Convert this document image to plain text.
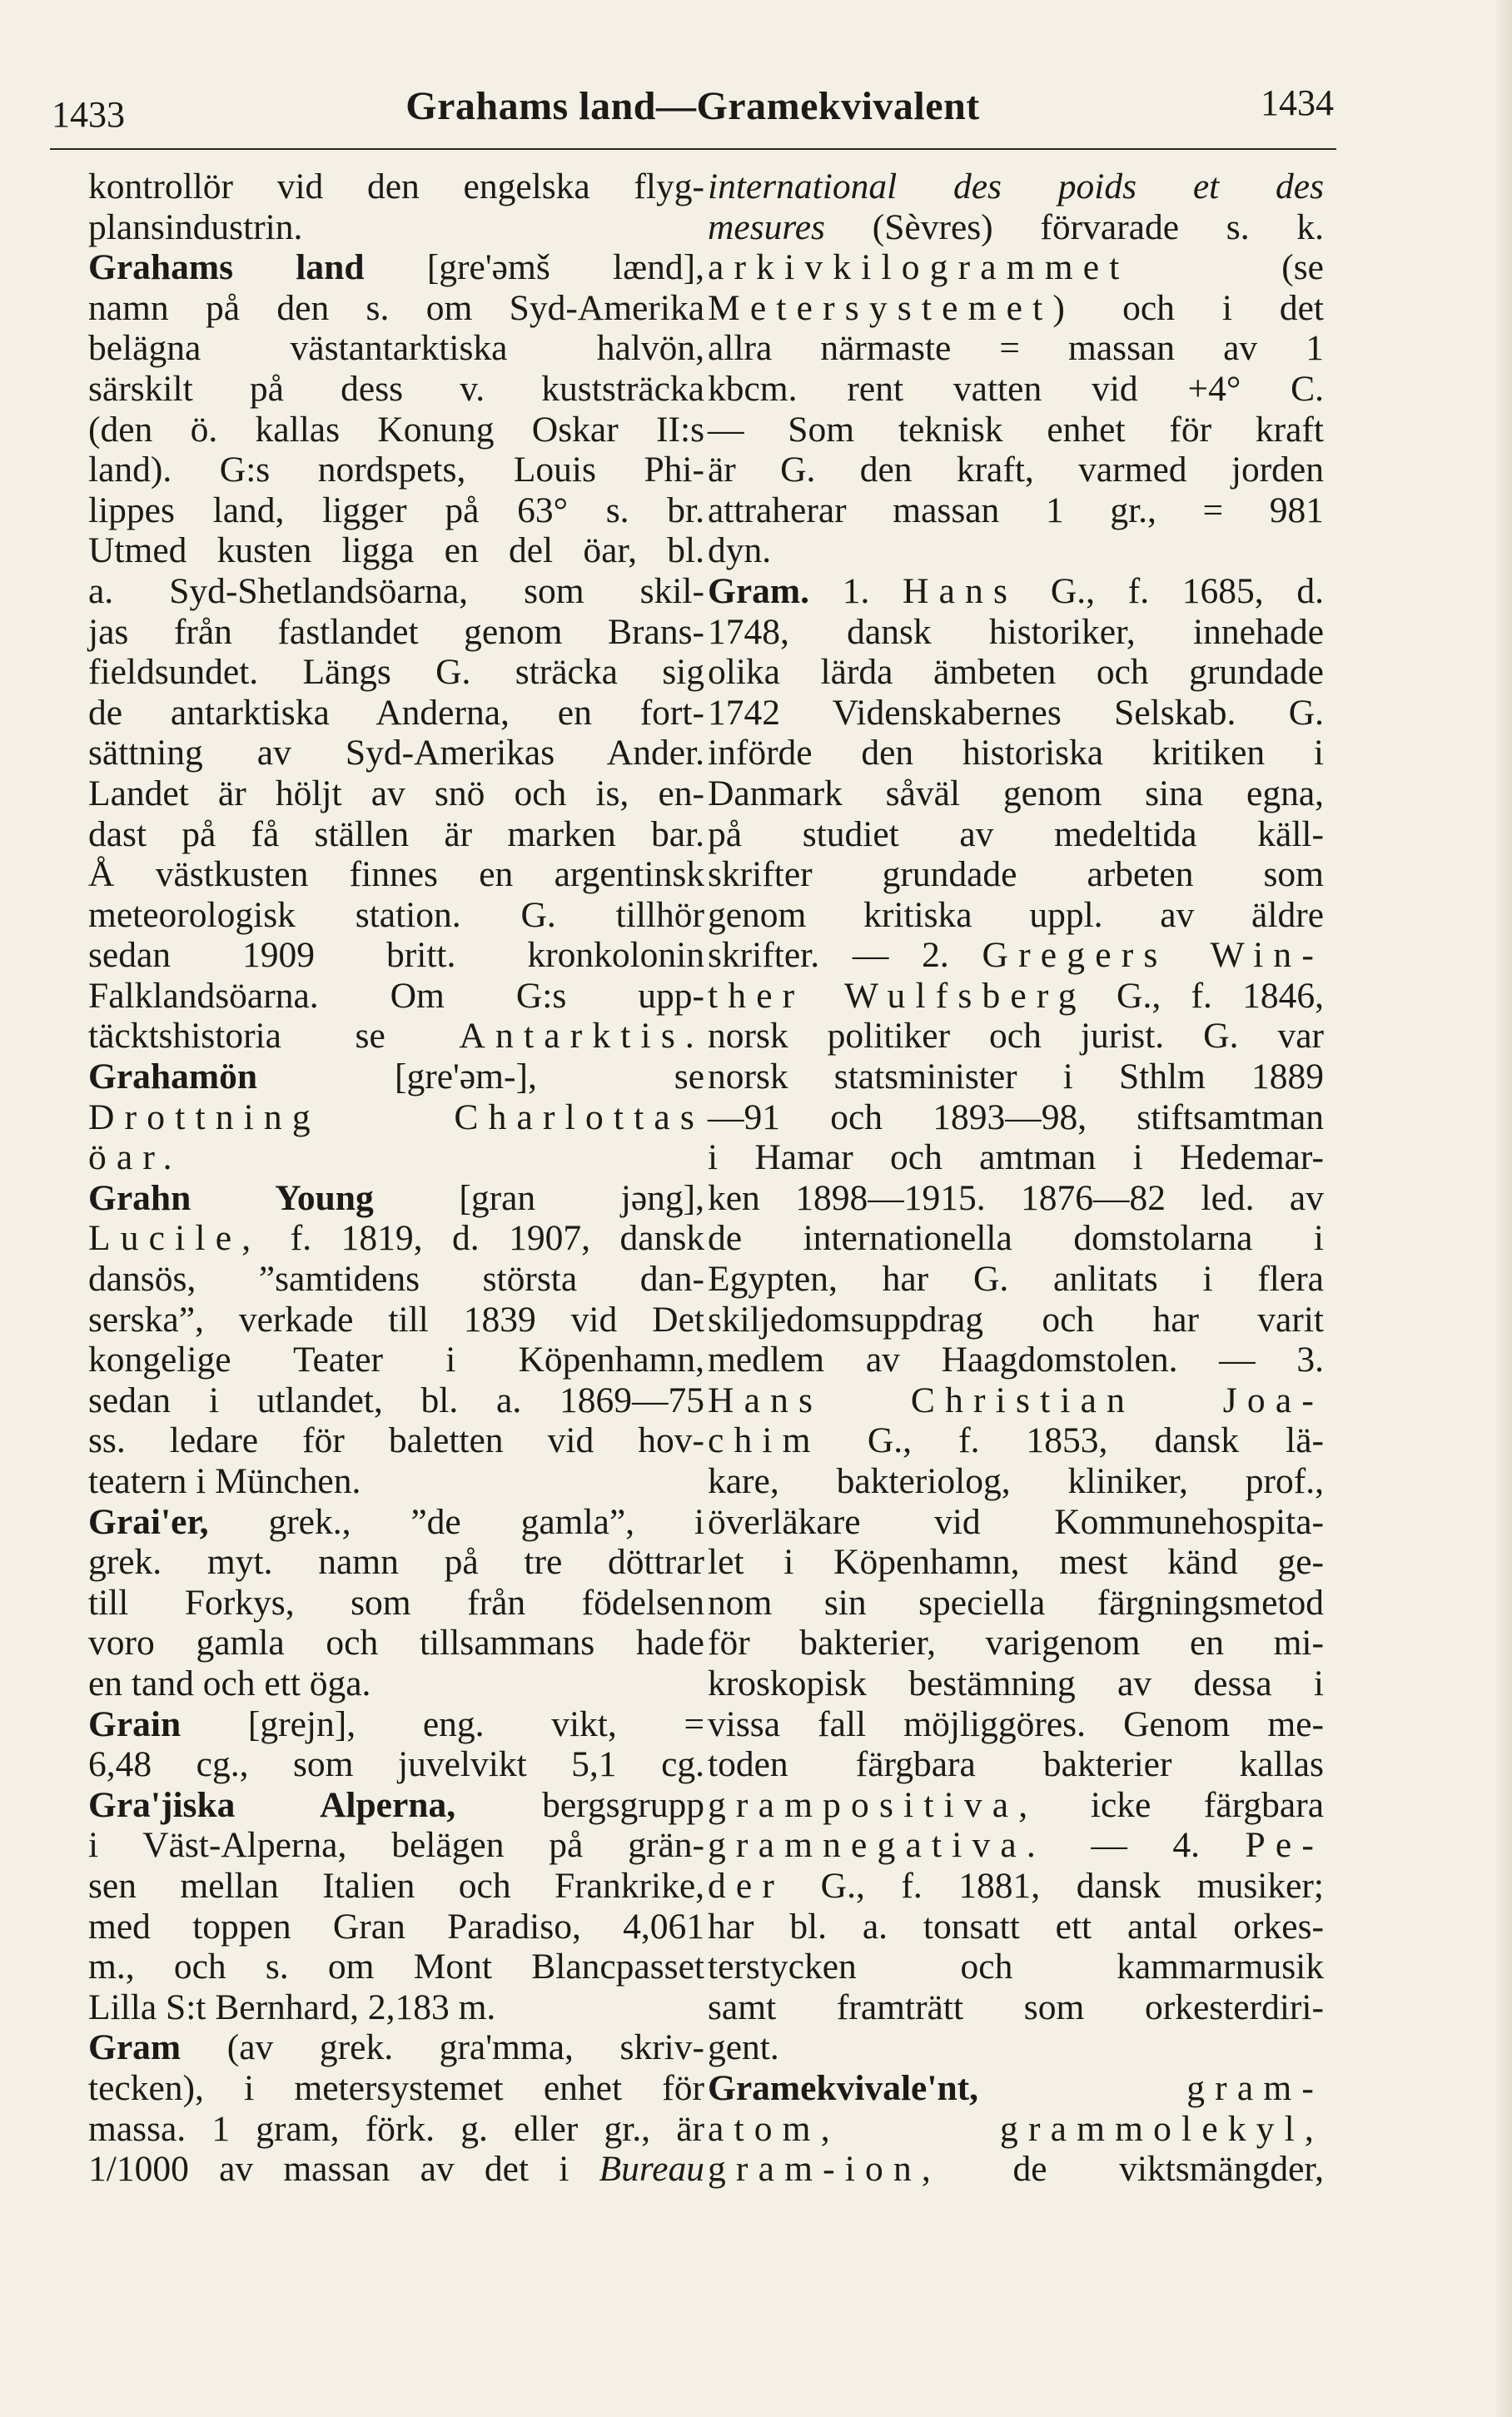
1433	Grahams land—Gramekvivalent	1434
kontrollör vid den engelska flyg-
plansindustrin.
Grahams land [gre'əmš lænd],
namn på den s. om Syd-Amerika
belägna västantarktiska halvön,
särskilt på dess v. kuststräcka
(den ö. kallas Konung Oskar II:s
land). G:s nordspets, Louis Phi-
lippes land, ligger på 63° s. br.
Utmed kusten ligga en del öar, bl.
a. Syd-Shetlandsöarna, som skil-
jas från fastlandet genom Brans-
fieldsundet. Längs G. sträcka sig
de antarktiska Anderna, en fort-
sättning av Syd-Amerikas Ander.
Landet är höljt av snö och is, en-
dast på få ställen är marken bar.
Å västkusten finnes en argentinsk
meteorologisk station. G. tillhör
sedan 1909 britt. kronkolonin
Falklandsöarna. Om G:s upp-
täcktshistoria se Antarktis.
Grahamön	[gre'əm-], se
Drottning Charlottas
öar.
Grahn Young [gran jəng],
Lucile, f. 1819, d. 1907, dansk
dansös, ”samtidens största dan-
serska”, verkade till 1839 vid Det
kongelige Teater i Köpenhamn,
sedan i utlandet, bl. a. 1869—75
ss. ledare för baletten vid hov-
teatern i München.
Grai'er, grek., ”de gamla”, i
grek. myt. namn på tre döttrar
till Forkys, som från födelsen
voro gamla och tillsammans hade
en tand och ett öga.
Grain [grejn], eng. vikt, =
6,48 cg., som juvelvikt 5,1 cg.
Gra'jiska Alperna, bergsgrupp
i Väst-Alperna, belägen på grän-
sen mellan Italien och Frankrike,
med toppen Gran Paradiso, 4,061
m., och s. om Mont Blancpasset
Lilla S:t Bernhard, 2,183 m.
Gram (av grek. gra'mma, skriv-
tecken), i metersystemet enhet för
massa. 1 gram, förk. g. eller gr., är
1/1000 av massan av det i Bureau
international des poids et des
mesures (Sèvres) förvarade s. k.
arkivkilogrammet	(se
Metersystemet) och i det
allra närmaste = massan av 1
kbcm. rent vatten vid +4° C.
— Som teknisk enhet för kraft
är G. den kraft, varmed jorden
attraherar massan 1 gr., = 981
dyn.
Gram. 1. Hans G., f. 1685, d.
1748, dansk historiker, innehade
olika lärda ämbeten och grundade
1742 Videnskabernes Selskab. G.
införde den historiska kritiken i
Danmark såväl genom sina egna,
på studiet av medeltida käll-
skrifter grundade arbeten som
genom kritiska uppl. av äldre
skrifter. — 2. Gregers Win-
ther Wulfsberg G., f. 1846,
norsk politiker och jurist. G. var
norsk statsminister i Sthlm 1889
—91 och 1893—98, stiftsamtman
i Hamar och amtman i Hedemar-
ken 1898—1915. 1876—82 led. av
de internationella domstolarna i
Egypten, har G. anlitats i flera
skiljedomsuppdrag och har varit
medlem av Haagdomstolen. — 3.
Hans Christian Joa-
chim G., f. 1853, dansk lä-
kare, bakteriolog, kliniker, prof.,
överläkare vid Kommunehospita-
let i Köpenhamn, mest känd ge-
nom sin speciella färgningsmetod
för bakterier, varigenom en mi-
kroskopisk bestämning av dessa i
vissa fall möjliggöres. Genom me-
toden färgbara bakterier kallas
grampositiva, icke färgbara
gramnegativa. — 4. Pe-
der G., f. 1881, dansk musiker;
har bl. a. tonsatt ett antal orkes-
terstycken och kammarmusik
samt framträtt som orkesterdiri-
gent.
Gramekvivale'nt,	gram-
atom, grammolekyl,
gram-ion, de viktsmängder,
